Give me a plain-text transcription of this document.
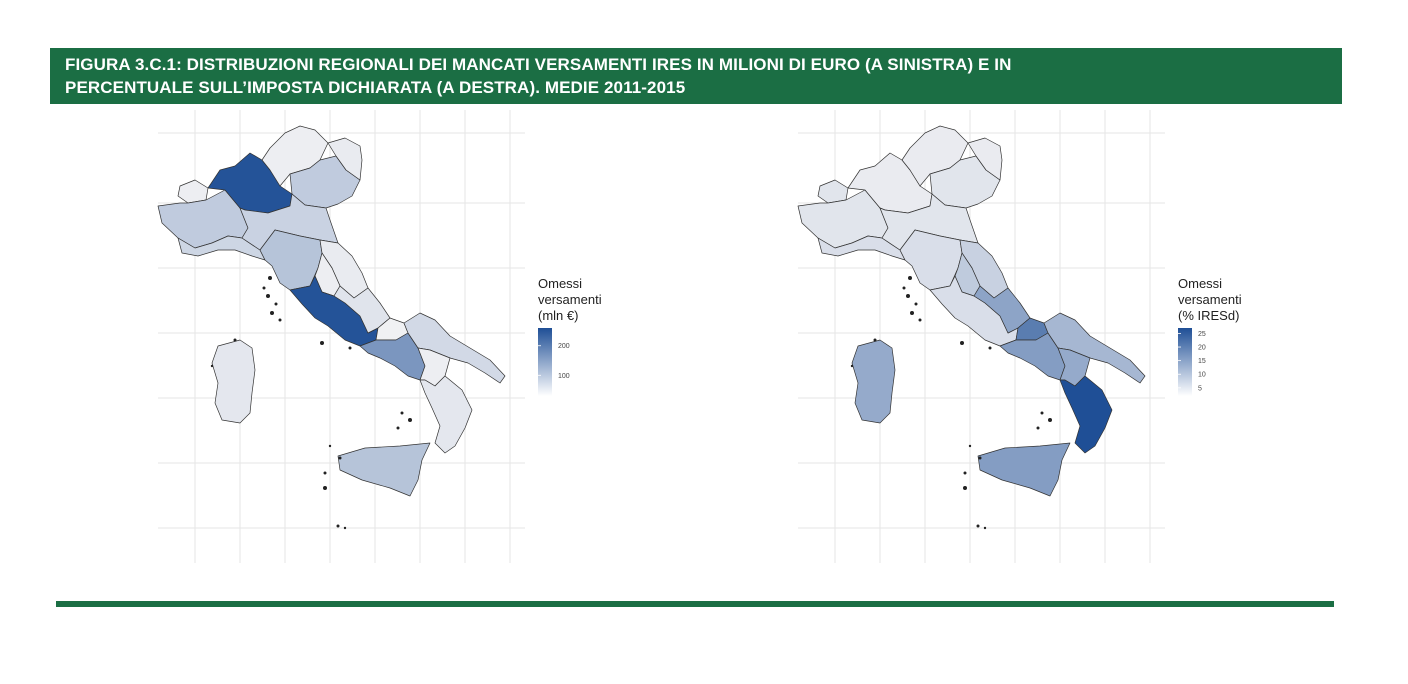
FIGURA 3.C.1: DISTRIBUZIONI REGIONALI DEI MANCATI VERSAMENTI IRES IN MILIONI DI EURO (A SINISTRA) E IN
PERCENTUALE SULL’IMPOSTA DICHIARATA (A DESTRA). MEDIE 2011-2015
Omessi
versamenti
(mln €)
200
100
Omessi
versamenti
(% IRESd)
25
20
15
10
5
